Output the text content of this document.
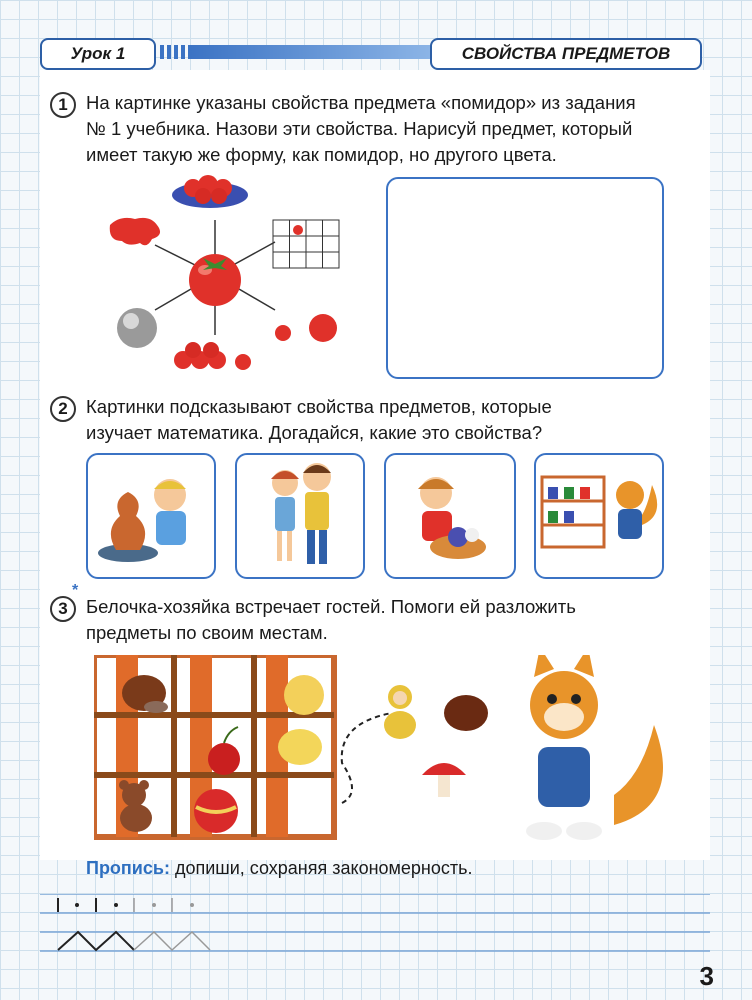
Урок 1	СВОЙСТВА ПРЕДМЕТОВ
1 На картинке указаны свойства предмета «помидор» из задания
№ 1 учебника. Назови эти свойства. Нарисуй предмет, который
имеет такую же форму, как помидор, но другого цвета.
2 Картинки подсказывают свойства предметов, которые
изучает математика. Догадайся, какие это свойства?
3
*
Белочка-хозяйка встречает гостей. Помоги ей разложить
предметы по своим местам.
Пропись: допиши, сохраняя закономерность.
3
